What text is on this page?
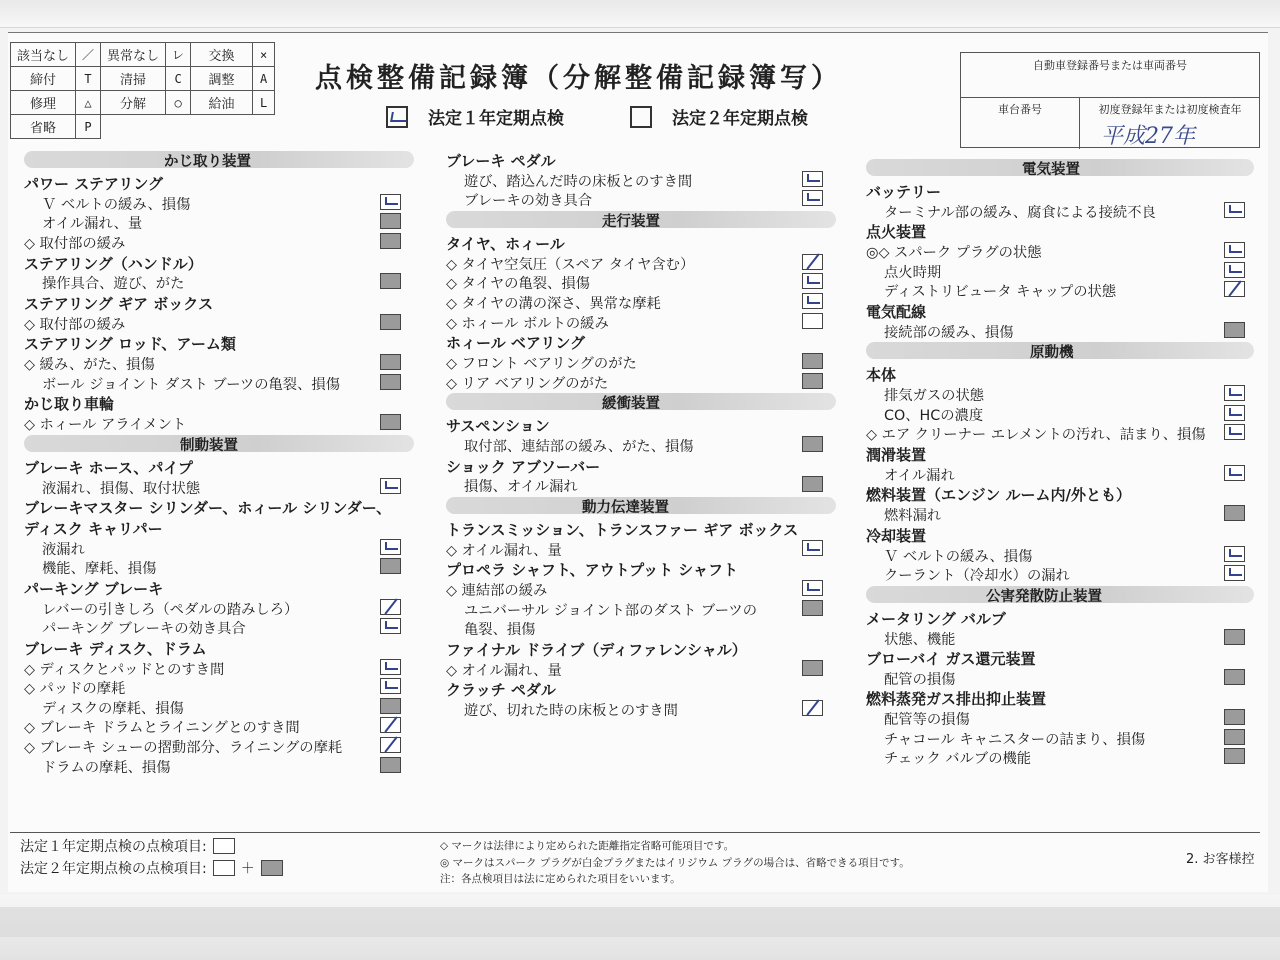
該当なし	／	異常なし	レ	交換	×
締付	T	清掃	C	調整	A
修理	△	分解	○	給油	L
省略	P				
点検整備記録簿（分解整備記録簿写）
法定１年定期点検	法定２年定期点検
自動車登録番号または車両番号
車台番号	初度登録年または初度検査年
平成27年
かじ取り装置
パワー ステアリング
Ｖ ベルトの緩み、損傷
オイル漏れ、量
◇ 取付部の緩み
ステアリング（ハンドル）
操作具合、遊び、がた
ステアリング ギア ボックス
◇ 取付部の緩み
ステアリング ロッド、アーム類
◇ 緩み、がた、損傷
ボール ジョイント ダスト ブーツの亀裂、損傷
かじ取り車輪
◇ ホィール アライメント
制動装置
ブレーキ ホース、パイプ
液漏れ、損傷、取付状態
ブレーキマスター シリンダー、ホィール シリンダー、
ディスク キャリパー
液漏れ
機能、摩耗、損傷
パーキング ブレーキ
レバーの引きしろ（ペダルの踏みしろ）
パーキング ブレーキの効き具合
ブレーキ ディスク、ドラム
◇ ディスクとパッドとのすき間
◇ パッドの摩耗
ディスクの摩耗、損傷
◇ ブレーキ ドラムとライニングとのすき間
◇ ブレーキ シューの摺動部分、ライニングの摩耗
ドラムの摩耗、損傷
ブレーキ ペダル
遊び、踏込んだ時の床板とのすき間
ブレーキの効き具合
走行装置
タイヤ、ホィール
◇ タイヤ空気圧（スペア タイヤ含む）
◇ タイヤの亀裂、損傷
◇ タイヤの溝の深さ、異常な摩耗
◇ ホィール ボルトの緩み
ホィール ベアリング
◇ フロント ベアリングのがた
◇ リア ベアリングのがた
緩衝装置
サスペンション
取付部、連結部の緩み、がた、損傷
ショック アブソーバー
損傷、オイル漏れ
動力伝達装置
トランスミッション、トランスファー ギア ボックス
◇ オイル漏れ、量
プロペラ シャフト、アウトプット シャフト
◇ 連結部の緩み
ユニバーサル ジョイント部のダスト ブーツの
亀裂、損傷
ファイナル ドライブ（ディファレンシャル）
◇ オイル漏れ、量
クラッチ ペダル
遊び、切れた時の床板とのすき間
電気装置
バッテリー
ターミナル部の緩み、腐食による接続不良
点火装置
◎◇ スパーク プラグの状態
点火時期
ディストリビュータ キャップの状態
電気配線
接続部の緩み、損傷
原動機
本体
排気ガスの状態
CO、HCの濃度
◇ エア クリーナー エレメントの汚れ、詰まり、損傷
潤滑装置
オイル漏れ
燃料装置（エンジン ルーム内/外とも）
燃料漏れ
冷却装置
Ｖ ベルトの緩み、損傷
クーラント（冷却水）の漏れ
公害発散防止装置
メータリング バルブ
状態、機能
ブローバイ ガス還元装置
配管の損傷
燃料蒸発ガス排出抑止装置
配管等の損傷
チャコール キャニスターの詰まり、損傷
チェック バルブの機能
法定１年定期点検の点検項目:
法定２年定期点検の点検項目: ＋
◇ マークは法律により定められた距離指定省略可能項目です。
◎ マークはスパーク プラグが白金プラグまたはイリジウム プラグの場合は、省略できる項目です。
注：各点検項目は法に定められた項目をいいます。
2. お客様控
